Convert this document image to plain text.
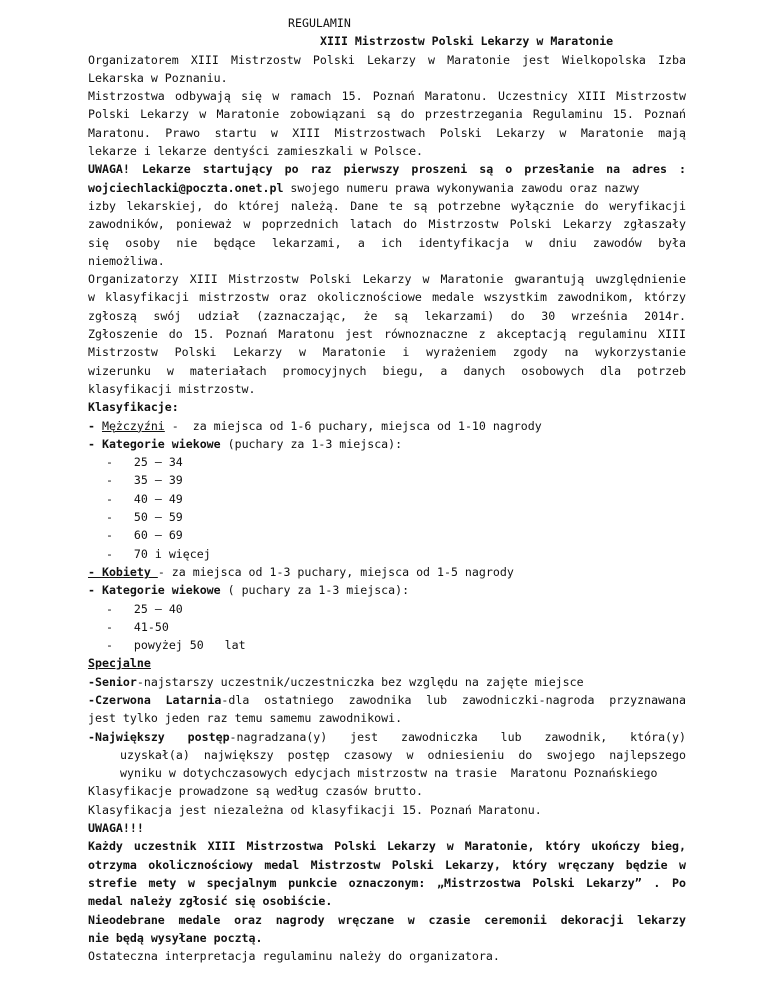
REGULAMIN
XIII Mistrzostw Polski Lekarzy w Maratonie
Organizatorem XIII Mistrzostw Polski Lekarzy w Maratonie jest Wielkopolska Izba
Lekarska w Poznaniu.
Mistrzostwa odbywają się w ramach 15. Poznań Maratonu. Uczestnicy XIII Mistrzostw
Polski Lekarzy w Maratonie zobowiązani są do przestrzegania Regulaminu 15. Poznań
Maratonu. Prawo startu w XIII Mistrzostwach Polski Lekarzy w Maratonie mają
lekarze i lekarze dentyści zamieszkali w Polsce.
UWAGA! Lekarze startujący po raz pierwszy proszeni są o przesłanie na adres :
wojciechlacki@poczta.onet.pl swojego numeru prawa wykonywania zawodu oraz nazwy
izby lekarskiej, do której należą. Dane te są potrzebne wyłącznie do weryfikacji
zawodników, ponieważ w poprzednich latach do Mistrzostw Polski Lekarzy zgłaszały
się osoby nie będące lekarzami, a ich identyfikacja w dniu zawodów była
niemożliwa.
Organizatorzy XIII Mistrzostw Polski Lekarzy w Maratonie gwarantują uwzględnienie
w klasyfikacji mistrzostw oraz okolicznościowe medale wszystkim zawodnikom, którzy
zgłoszą swój udział (zaznaczając, że są lekarzami) do 30 września 2014r.
Zgłoszenie do 15. Poznań Maratonu jest równoznaczne z akceptacją regulaminu XIII
Mistrzostw Polski Lekarzy w Maratonie i wyrażeniem zgody na wykorzystanie
wizerunku w materiałach promocyjnych biegu, a danych osobowych dla potrzeb
klasyfikacji mistrzostw.
Klasyfikacje:
- Mężczyźni -  za miejsca od 1-6 puchary, miejsca od 1-10 nagrody
- Kategorie wiekowe (puchary za 1-3 miejsca):
-   25 – 34
-   35 – 39
-   40 – 49
-   50 – 59
-   60 – 69
-   70 i więcej
- Kobiety - za miejsca od 1-3 puchary, miejsca od 1-5 nagrody
- Kategorie wiekowe ( puchary za 1-3 miejsca):
-   25 – 40
-   41-50
-   powyżej 50   lat
Specjalne
-Senior-najstarszy uczestnik/uczestniczka bez względu na zajęte miejsce
-Czerwona Latarnia-dla ostatniego zawodnika lub zawodniczki-nagroda przyznawana
jest tylko jeden raz temu samemu zawodnikowi.
-Największy postęp-nagradzana(y) jest zawodniczka lub zawodnik, która(y)
uzyskał(a) największy postęp czasowy w odniesieniu do swojego najlepszego
wyniku w dotychczasowych edycjach mistrzostw na trasie  Maratonu Poznańskiego
Klasyfikacje prowadzone są według czasów brutto.
Klasyfikacja jest niezależna od klasyfikacji 15. Poznań Maratonu.
UWAGA!!!
Każdy uczestnik XIII Mistrzostwa Polski Lekarzy w Maratonie, który ukończy bieg,
otrzyma okolicznościowy medal Mistrzostw Polski Lekarzy, który wręczany będzie w
strefie mety w specjalnym punkcie oznaczonym: „Mistrzostwa Polski Lekarzy” . Po
medal należy zgłosić się osobiście.
Nieodebrane medale oraz nagrody wręczane w czasie ceremonii dekoracji lekarzy
nie będą wysyłane pocztą.
Ostateczna interpretacja regulaminu należy do organizatora.
